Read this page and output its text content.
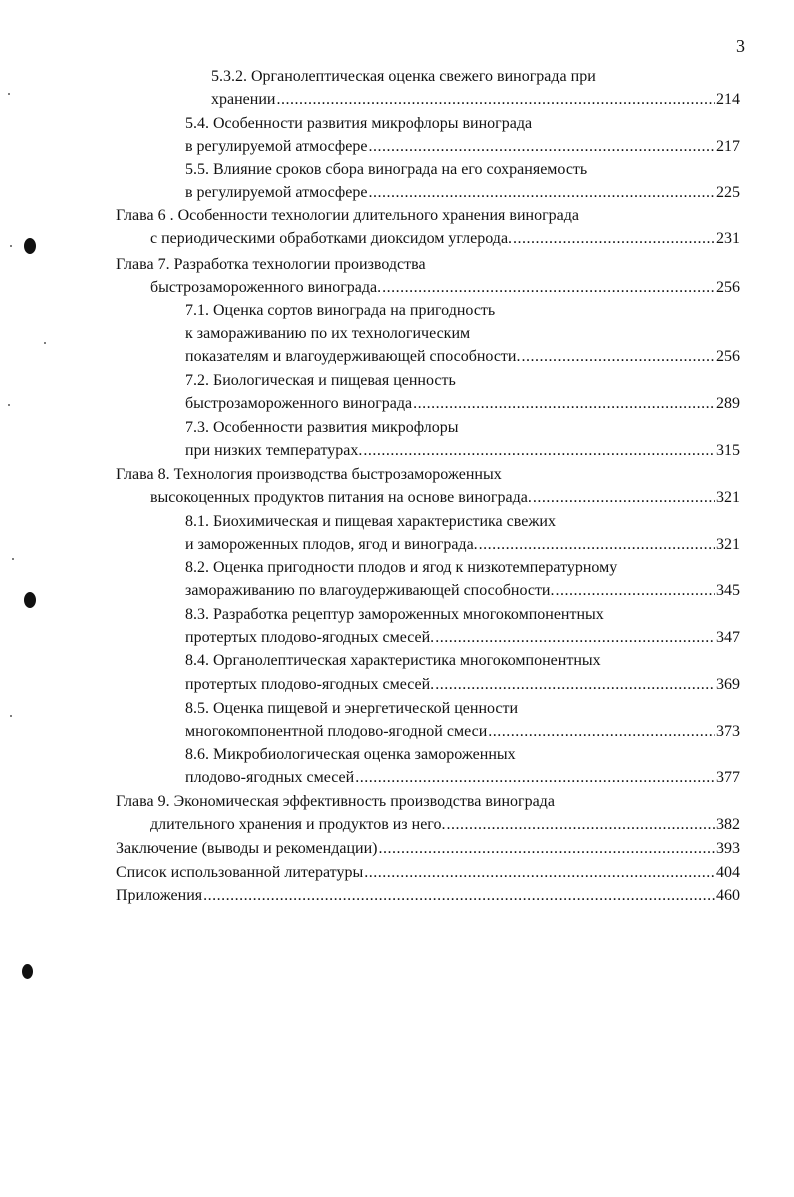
3
5.3.2. Органолептическая оценка свежего винограда при
хранении .....	214
5.4. Особенности развития микрофлоры винограда
в регулируемой атмосфере .....	217
5.5. Влияние сроков сбора винограда на его сохраняемость
в регулируемой атмосфере .....	225
Глава 6 . Особенности технологии длительного хранения винограда
с периодическими обработками диоксидом углерода. .....	231
Глава 7. Разработка технологии производства
быстрозамороженного винограда. .....	256
7.1. Оценка сортов винограда на пригодность
к замораживанию по их технологическим
показателям и влагоудерживающей способности. .....	256
7.2. Биологическая и пищевая ценность
быстрозамороженного винограда .....	289
7.3. Особенности развития микрофлоры
при низких температурах. .....	315
Глава 8. Технология производства быстрозамороженных
высокоценных продуктов питания на основе винограда. .....	321
8.1. Биохимическая и пищевая характеристика свежих
и замороженных плодов, ягод и винограда. .....	321
8.2. Оценка пригодности плодов и ягод к низкотемпературному
замораживанию по влагоудерживающей способности. .....	345
8.3. Разработка рецептур замороженных многокомпонентных
протертых плодово-ягодных смесей. .....	347
8.4. Органолептическая характеристика многокомпонентных
протертых плодово-ягодных смесей. .....	369
8.5. Оценка пищевой и энергетической ценности
многокомпонентной плодово-ягодной смеси .....	373
8.6. Микробиологическая оценка замороженных
плодово-ягодных смесей .....	377
Глава 9. Экономическая эффективность производства винограда
длительного хранения и продуктов из него. .....	382
Заключение (выводы и рекомендации) .....	393
Список использованной литературы .....	404
Приложения .....	460
